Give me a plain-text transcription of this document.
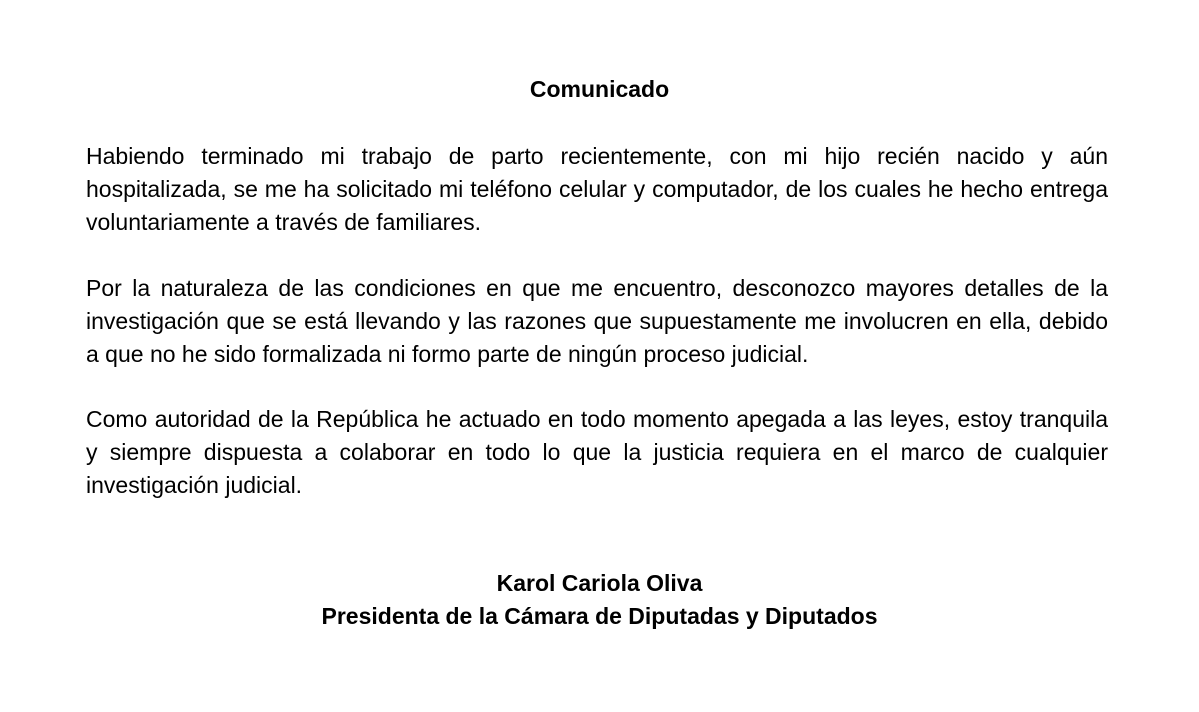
Comunicado

Habiendo terminado mi trabajo de parto recientemente, con mi hijo recién nacido y aún hospitalizada, se me ha solicitado mi teléfono celular y computador, de los cuales he hecho entrega voluntariamente a través de familiares.

Por la naturaleza de las condiciones en que me encuentro, desconozco mayores detalles de la investigación que se está llevando y las razones que supuestamente me involucren en ella, debido a que no he sido formalizada ni formo parte de ningún proceso judicial.

Como autoridad de la República he actuado en todo momento apegada a las leyes, estoy tranquila y siempre dispuesta a colaborar en todo lo que la justicia requiera en el marco de cualquier investigación judicial.

Karol Cariola Oliva

Presidenta de la Cámara de Diputadas y Diputados
